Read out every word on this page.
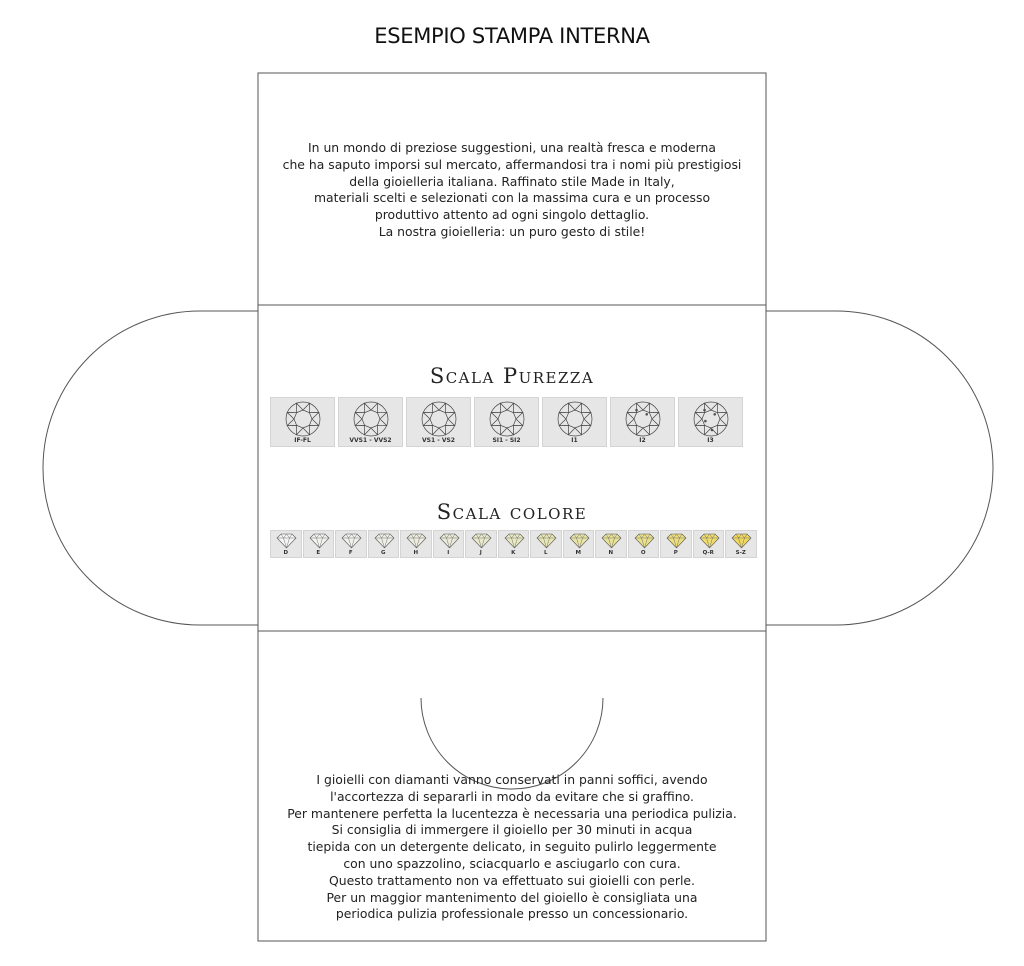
ESEMPIO STAMPA INTERNA
In un mondo di preziose suggestioni, una realtà fresca e moderna
che ha saputo imporsi sul mercato, affermandosi tra i nomi più prestigiosi
della gioielleria italiana. Raffinato stile Made in Italy,
materiali scelti e selezionati con la massima cura e un processo
produttivo attento ad ogni singolo dettaglio.
La nostra gioielleria: un puro gesto di stile!
Scala Purezza
IF-FL	VVS1 - VVS2	VS1 - VS2	SI1 - SI2	I1	I2	I3
Scala colore
D	E	F	G	H	I	J	K	L	M	N	O	P	Q-R	S-Z
I gioielli con diamanti vanno conservati in panni soffici, avendo
l'accortezza di separarli in modo da evitare che si graffino.
Per mantenere perfetta la lucentezza è necessaria una periodica pulizia.
Si consiglia di immergere il gioiello per 30 minuti in acqua
tiepida con un detergente delicato, in seguito pulirlo leggermente
con uno spazzolino, sciacquarlo e asciugarlo con cura.
Questo trattamento non va effettuato sui gioielli con perle.
Per un maggior mantenimento del gioiello è consigliata una
periodica pulizia professionale presso un concessionario.
